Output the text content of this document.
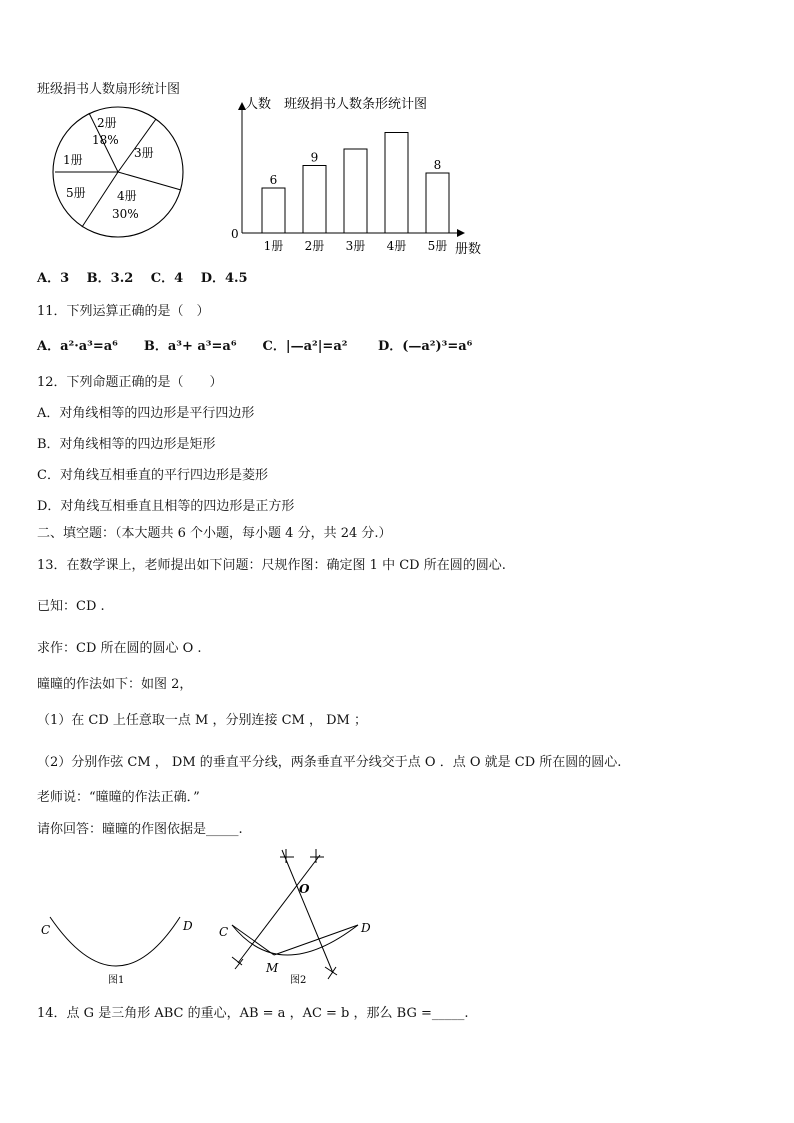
班级捐书人数扇形统计图
2册
18%
3册
4册
30%
5册
1册
人数 班级捐书人数条形统计图
0
册数
6
1册
9
2册 3册 4册
8
5册
A．3　 B．3.2　 C．4　 D．4.5
11．下列运算正确的是（　）
A．a²·a³=a⁶　　B．a³+ a³=a⁶　　C．|—a²|=a²　　 D．(—a²)³=a⁶
12．下列命题正确的是（　　）
A．对角线相等的四边形是平行四边形
B．对角线相等的四边形是矩形
C．对角线互相垂直的平行四边形是菱形
D．对角线互相垂直且相等的四边形是正方形
二、填空题：（本大题共 6 个小题，每小题 4 分，共 24 分.）
13．在数学课上，老师提出如下问题：尺规作图：确定图 1 中 CD 所在圆的圆心.
已知：CD .
求作：CD 所在圆的圆心 O .
曈曈的作法如下：如图 2，
（1）在 CD 上任意取一点 M ，分别连接 CM ， DM ；
（2）分别作弦 CM ， DM 的垂直平分线，两条垂直平分线交于点 O ．点 O 就是 CD 所在圆的圆心.
老师说：“曈曈的作法正确．”
请你回答：曈曈的作图依据是_____.
C	D
图1
C	D
M
O
图2
14．点 G 是三角形 ABC 的重心，AB = a ，AC = b ，那么 BG =_____.
